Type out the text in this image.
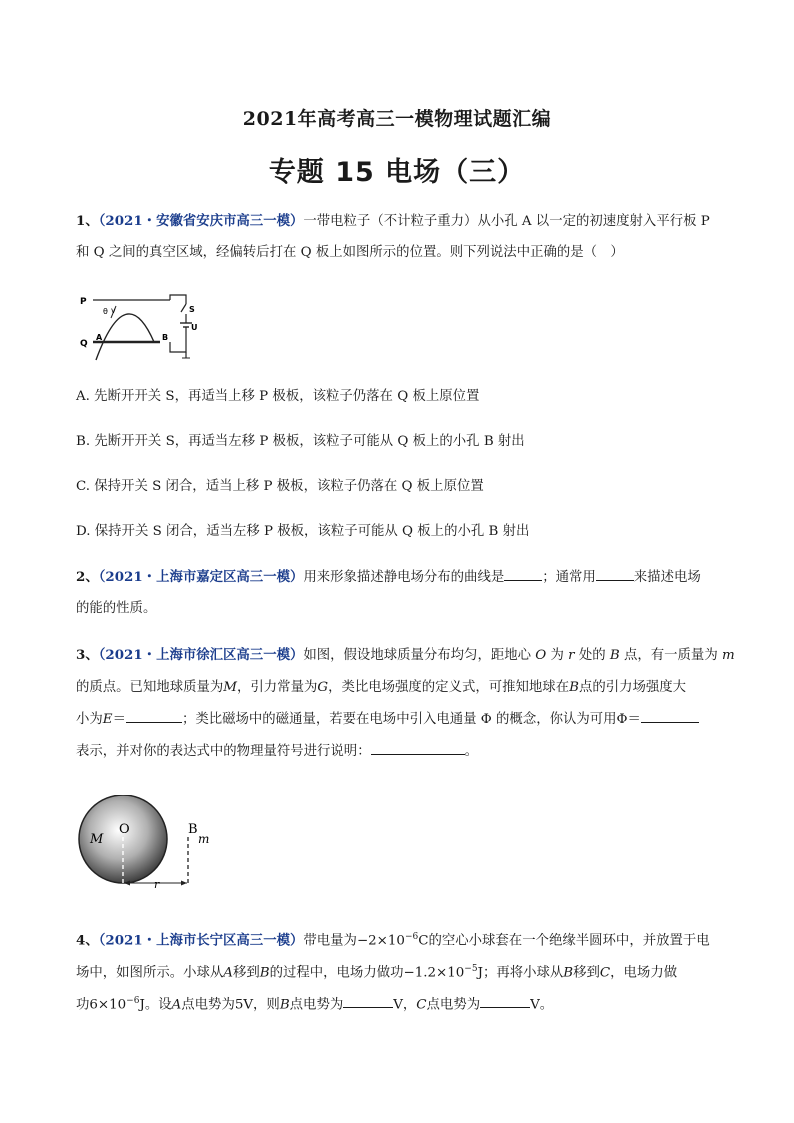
2021年高考高三一模物理试题汇编
专题 15 电场（三）
1、（2021・安徽省安庆市高三一模）一带电粒子（不计粒子重力）从小孔 A 以一定的初速度射入平行板 P
和 Q 之间的真空区域，经偏转后打在 Q 板上如图所示的位置。则下列说法中正确的是（　）
P
Q
A	B
θ v	S
U
A. 先断开开关 S，再适当上移 P 极板，该粒子仍落在 Q 板上原位置
B. 先断开开关 S，再适当左移 P 极板，该粒子可能从 Q 板上的小孔 B 射出
C. 保持开关 S 闭合，适当上移 P 极板，该粒子仍落在 Q 板上原位置
D. 保持开关 S 闭合，适当左移 P 极板，该粒子可能从 Q 板上的小孔 B 射出
2、（2021・上海市嘉定区高三一模）用来形象描述静电场分布的曲线是	；通常用	来描述电场
的能的性质。
3、（2021・上海市徐汇区高三一模）如图，假设地球质量分布均匀，距地心 O 为 r 处的 B 点，有一质量为 m
的质点。已知地球质量为M，引力常量为G，类比电场强度的定义式，可推知地球在B点的引力场强度大
小为E＝	；类比磁场中的磁通量，若要在电场中引入电通量 Φ 的概念，你认为可用Φ＝
表示，并对你的表达式中的物理量符号进行说明：	。
M
O	B
m
r
4、（2021・上海市长宁区高三一模）带电量为$-2\times 10^{-6}C$的空心小球套在一个绝缘半圆环中，并放置于电
场中，如图所示。小球从A移到B的过程中，电场力做功$-1.2\times 10^{-5}J$；再将小球从B移到C，电场力做
功$6\times 10^{-6}J$。设A点电势为5V，则B点电势为	V，C点电势为	V。
